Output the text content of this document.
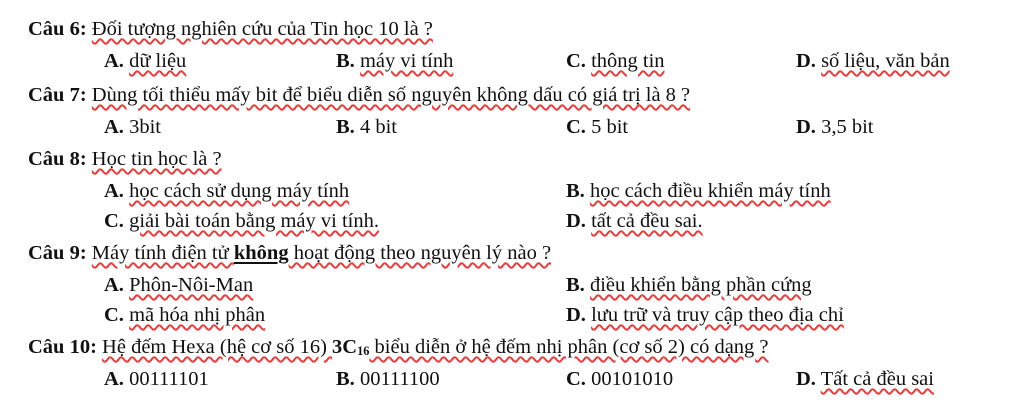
Câu 6: Đối tượng nghiên cứu của Tin học 10 là ?
A. dữ liệu	B. máy vi tính	C. thông tin	D. số liệu, văn bản
Câu 7: Dùng tối thiểu mấy bit để biểu diễn số nguyên không dấu có giá trị là 8 ?
A. 3bit	B. 4 bit	C. 5 bit	D. 3,5 bit
Câu 8: Học tin học là ?
A. học cách sử dụng máy tính	B. học cách điều khiển máy tính
C. giải bài toán bằng máy vi tính.	D. tất cả đều sai.
Câu 9: Máy tính điện tử không hoạt động theo nguyên lý nào ?
A. Phôn-Nôi-Man	B. điều khiển bằng phần cứng
C. mã hóa nhị phân	D. lưu trữ và truy cập theo địa chỉ
Câu 10: Hệ đếm Hexa (hệ cơ số 16) $3C_{16}$ biểu diễn ở hệ đếm nhị phân (cơ số 2) có dạng ?
A. 00111101	B. 00111100	C. 00101010	D. Tất cả đều sai
